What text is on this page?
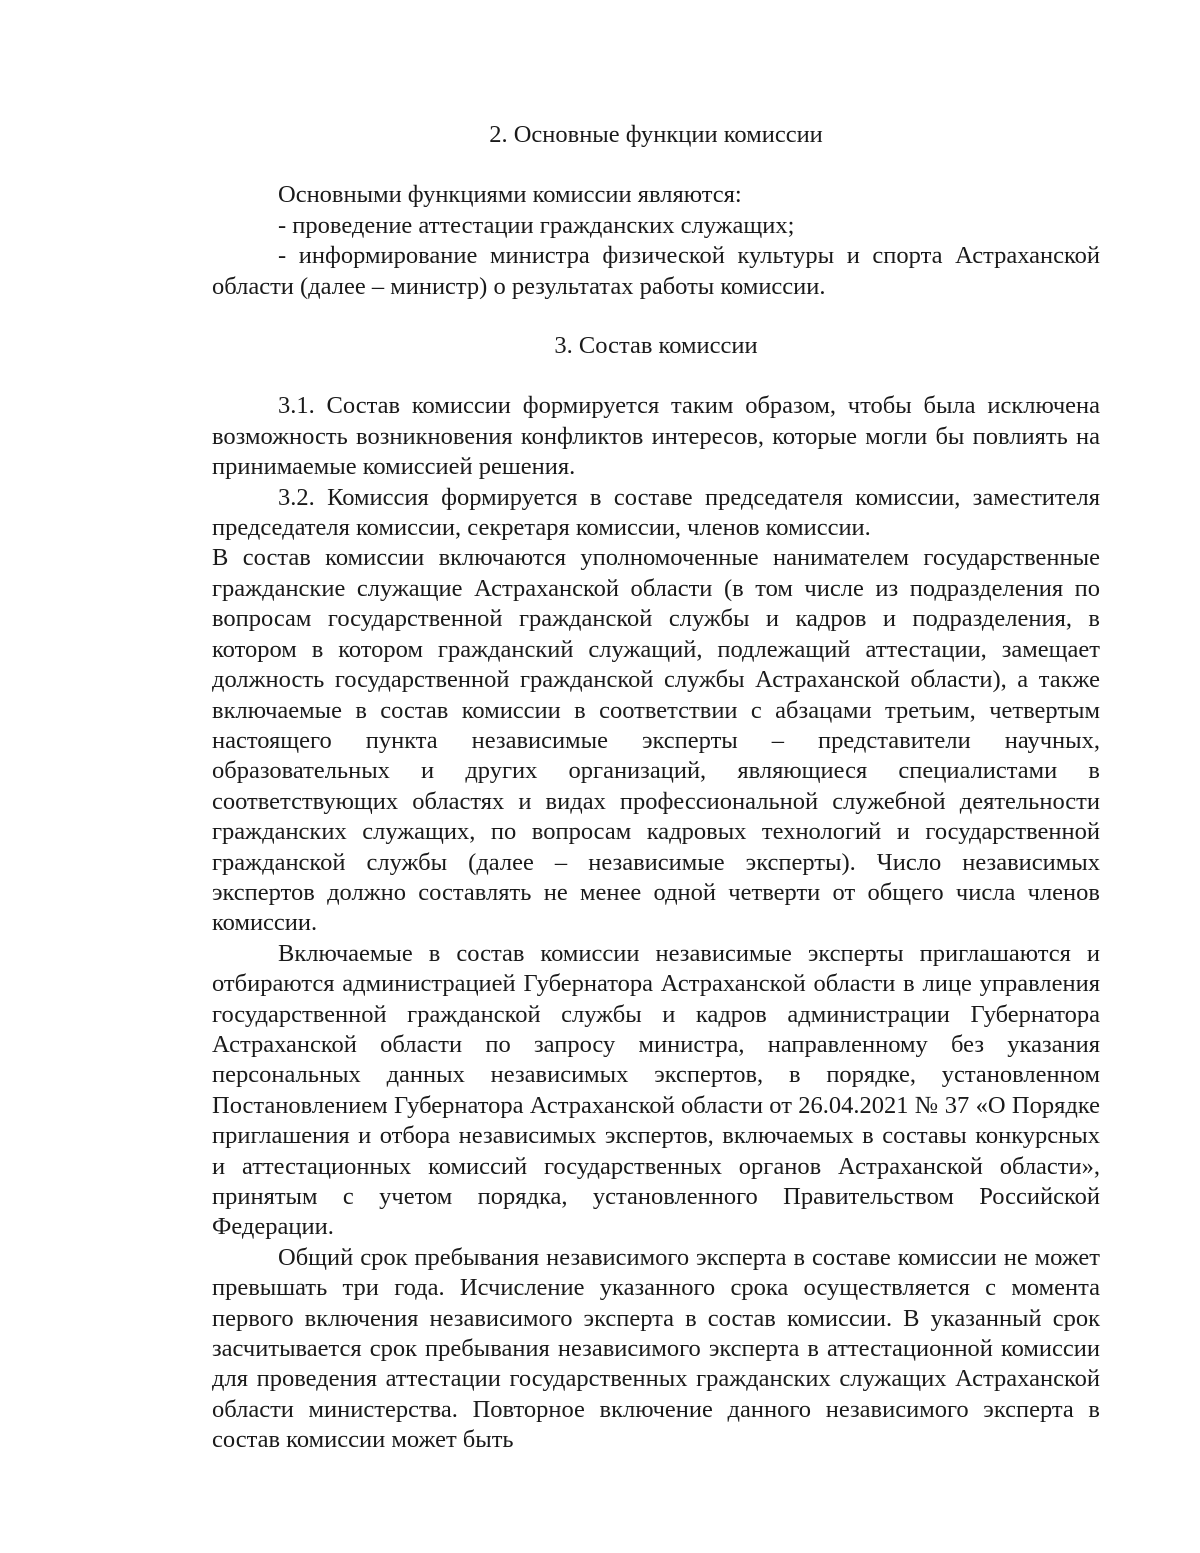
2. Основные функции комиссии

Основными функциями комиссии являются:

- проведение аттестации гражданских служащих;

- информирование министра физической культуры и спорта Астраханской области (далее – министр) о результатах работы комиссии.

3. Состав комиссии

3.1. Состав комиссии формируется таким образом, чтобы была исключена возможность возникновения конфликтов интересов, которые могли бы повлиять на принимаемые комиссией решения.

3.2. Комиссия формируется в составе председателя комиссии, заместителя председателя комиссии, секретаря комиссии, членов комиссии.

В состав комиссии включаются уполномоченные нанимателем государственные гражданские служащие Астраханской области (в том числе из подразделения по вопросам государственной гражданской службы и кадров и подразделения, в котором в котором гражданский служащий, подлежащий аттестации, замещает должность государственной гражданской службы Астраханской области), а также включаемые в состав комиссии в соответствии с абзацами третьим, четвертым настоящего пункта независимые эксперты – представители научных, образовательных и других организаций, являющиеся специалистами в соответствующих областях и видах профессиональной служебной деятельности гражданских служащих, по вопросам кадровых технологий и государственной гражданской службы (далее – независимые эксперты). Число независимых экспертов должно составлять не менее одной четверти от общего числа членов комиссии.

Включаемые в состав комиссии независимые эксперты приглашаются и отбираются администрацией Губернатора Астраханской области в лице управления государственной гражданской службы и кадров администрации Губернатора Астраханской области по запросу министра, направленному без указания персональных данных независимых экспертов, в порядке, установленном Постановлением Губернатора Астраханской области от 26.04.2021 № 37 «О Порядке приглашения и отбора независимых экспертов, включаемых в составы конкурсных и аттестационных комиссий государственных органов Астраханской области», принятым с учетом порядка, установленного Правительством Российской Федерации.

Общий срок пребывания независимого эксперта в составе комиссии не может превышать три года. Исчисление указанного срока осуществляется с момента первого включения независимого эксперта в состав комиссии. В указанный срок засчитывается срок пребывания независимого эксперта в аттестационной комиссии для проведения аттестации государственных гражданских служащих Астраханской области министерства. Повторное включение данного независимого эксперта в состав комиссии может быть
